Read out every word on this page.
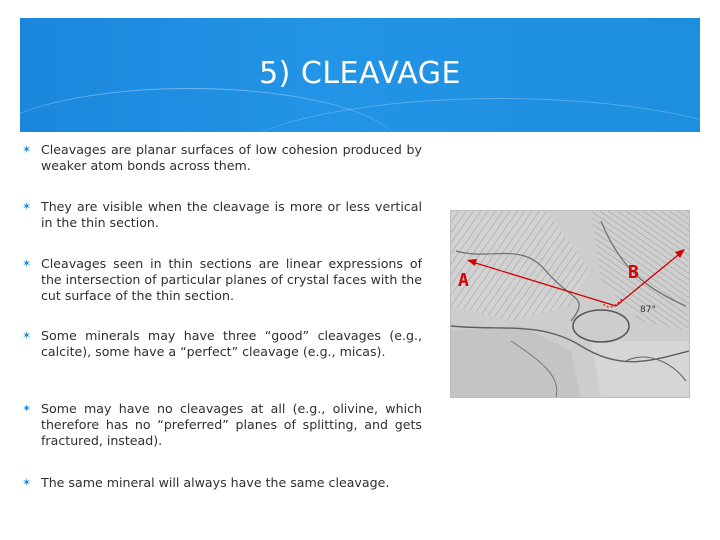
5) CLEAVAGE
✶ Cleavages are planar surfaces of low cohesion produced by weaker atom bonds across them.
✶ They are visible when the cleavage is more or less vertical in the thin section.
✶ Cleavages seen in thin sections are linear expressions of the intersection of particular planes of crystal faces with the cut surface of the thin section.
✶ Some minerals may have three “good” cleavages (e.g., calcite), some have a “perfect” cleavage (e.g., micas).
✶ Some may have no cleavages at all (e.g., olivine, which therefore has no “preferred” planes of splitting, and gets fractured, instead).
✶ The same mineral will always have the same cleavage.
A	B
87°
